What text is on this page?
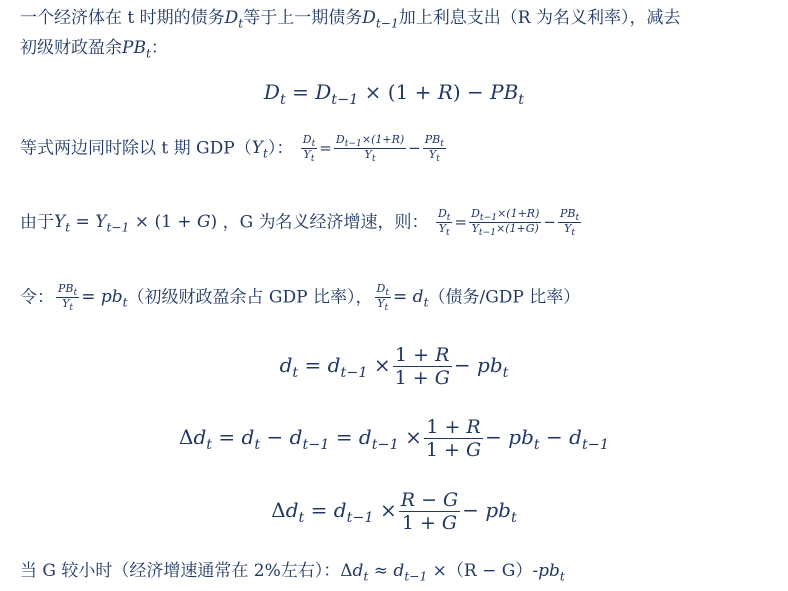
一个经济体在 t 时期的债务$D_t$等于上一期债务$D_{t-1}$加上利息支出（R 为名义利率），减去
初级财政盈余$PB_t$：
$D_t = D_{t-1} \times (1 + R) - PB_t$
等式两边同时除以 t 期 $GDP(Y_t)$： $\frac{D_t}{Y_t} = \frac{D_{t-1}\times(1+R)}{Y_t} - \frac{PB_t}{Y_t}$
由于$Y_t = Y_{t-1} \times (1 + G)$ ，G 为名义经济增速，则： $\frac{D_t}{Y_t} = \frac{D_{t-1}\times(1+R)}{Y_{t-1}\times(1+G)} - \frac{PB_t}{Y_t}$
令： $\frac{PB_t}{Y_t} = pb_t$（初级财政盈余占 GDP 比率）， $\frac{D_t}{Y_t} = d_t$（债务/GDP 比率）
$d_t = d_{t-1} \times \frac{1 + R}{1 + G} - pb_t$
$\Delta d_t = d_t - d_{t-1} = d_{t-1} \times \frac{1 + R}{1 + G} - pb_t - d_{t-1}$
$\Delta d_t = d_{t-1} \times \frac{R - G}{1 + G} - pb_t$
当 G 较小时（经济增速通常在 2%左右）：$\Delta d_t \approx d_{t-1} \times(R - G)-pb_t$
